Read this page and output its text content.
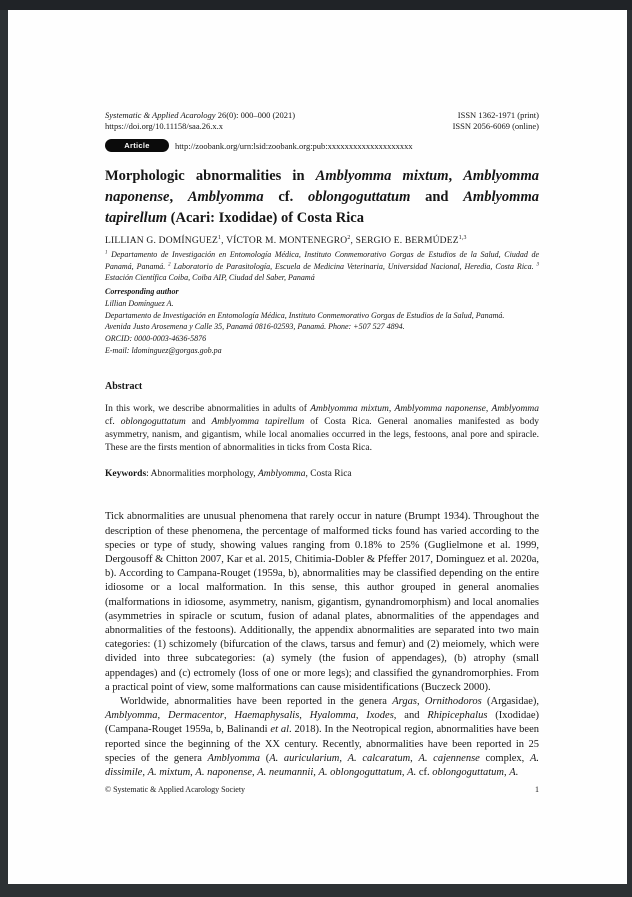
Systematic & Applied Acarology 26(0): 000–000 (2021)
https://doi.org/10.11158/saa.26.x.x
ISSN 1362-1971 (print)
ISSN 2056-6069 (online)
Article	http://zoobank.org/urn:lsid:zoobank.org:pub:xxxxxxxxxxxxxxxxxxxx
Morphologic abnormalities in Amblyomma mixtum, Amblyomma naponense, Amblyomma cf. oblongoguttatum and Amblyomma tapirellum (Acari: Ixodidae) of Costa Rica
LILLIAN G. DOMÍNGUEZ$^1$, VÍCTOR M. MONTENEGRO$^2$, SERGIO E. BERMÚDEZ$^{1,3}$
$^1$ Departamento de Investigación en Entomología Médica, Instituto Conmemorativo Gorgas de Estudios de la Salud, Ciudad de Panamá, Panamá. $^2$ Laboratorio de Parasitología, Escuela de Medicina Veterinaria, Universidad Nacional, Heredia, Costa Rica. $^3$ Estación Científica Coiba, Coiba AIP, Ciudad del Saber, Panamá
Corresponding author
Lillian Domínguez A.
Departamento de Investigación en Entomología Médica, Instituto Conmemorativo Gorgas de Estudios de la Salud, Panamá.
Avenida Justo Arosemena y Calle 35, Panamá 0816-02593, Panamá. Phone: +507 527 4894.
ORCID: 0000-0003-4636-5876
E-mail: ldominguez@gorgas.gob.pa
Abstract
In this work, we describe abnormalities in adults of Amblyomma mixtum, Amblyomma naponense, Amblyomma cf. oblongoguttatum and Amblyomma tapirellum of Costa Rica. General anomalies manifested as body asymmetry, nanism, and gigantism, while local anomalies occurred in the legs, festoons, anal pore and spiracle. These are the firsts mention of abnormalities in ticks from Costa Rica.
Keywords: Abnormalities morphology, Amblyomma, Costa Rica

Tick abnormalities are unusual phenomena that rarely occur in nature (Brumpt 1934). Throughout the description of these phenomena, the percentage of malformed ticks found has varied according to the species or type of study, showing values ranging from 0.18% to 25% (Guglielmone et al. 1999, Dergousoff & Chitton 2007, Kar et al. 2015, Chitimia-Dobler & Pfeffer 2017, Dominguez et al. 2020a, b). According to Campana-Rouget (1959a, b), abnormalities may be classified depending on the entire idiosome or a local malformation. In this sense, this author grouped in general anomalies (malformations in idiosome, asymmetry, nanism, gigantism, gynandromorphism) and local anomalies (asymmetries in spiracle or scutum, fusion of adanal plates, abnormalities of the appendages and abnormalities of the festoons). Additionally, the appendix abnormalities are separated into two main categories: (1) schizomely (bifurcation of the claws, tarsus and femur) and (2) meiomely, which were divided into three subcategories: (a) symely (the fusion of appendages), (b) atrophy (small appendages) and (c) ectromely (loss of one or more legs); and classified the gynandromorphies. From a practical point of view, some malformations can cause misidentifications (Buczeck 2000).

Worldwide, abnormalities have been reported in the genera Argas, Ornithodoros (Argasidae), Amblyomma, Dermacentor, Haemaphysalis, Hyalomma, Ixodes, and Rhipicephalus (Ixodidae) (Campana-Rouget 1959a, b, Balinandi et al. 2018). In the Neotropical region, abnormalities have been reported since the beginning of the XX century. Recently, abnormalities have been reported in 25 species of the genera Amblyomma (A. auricularium, A. calcaratum, A. cajennense complex, A. dissimile, A. mixtum, A. naponense, A. neumannii, A. oblongoguttatum, A. cf. oblongoguttatum, A.

© Systematic & Applied Acarology Society	1
